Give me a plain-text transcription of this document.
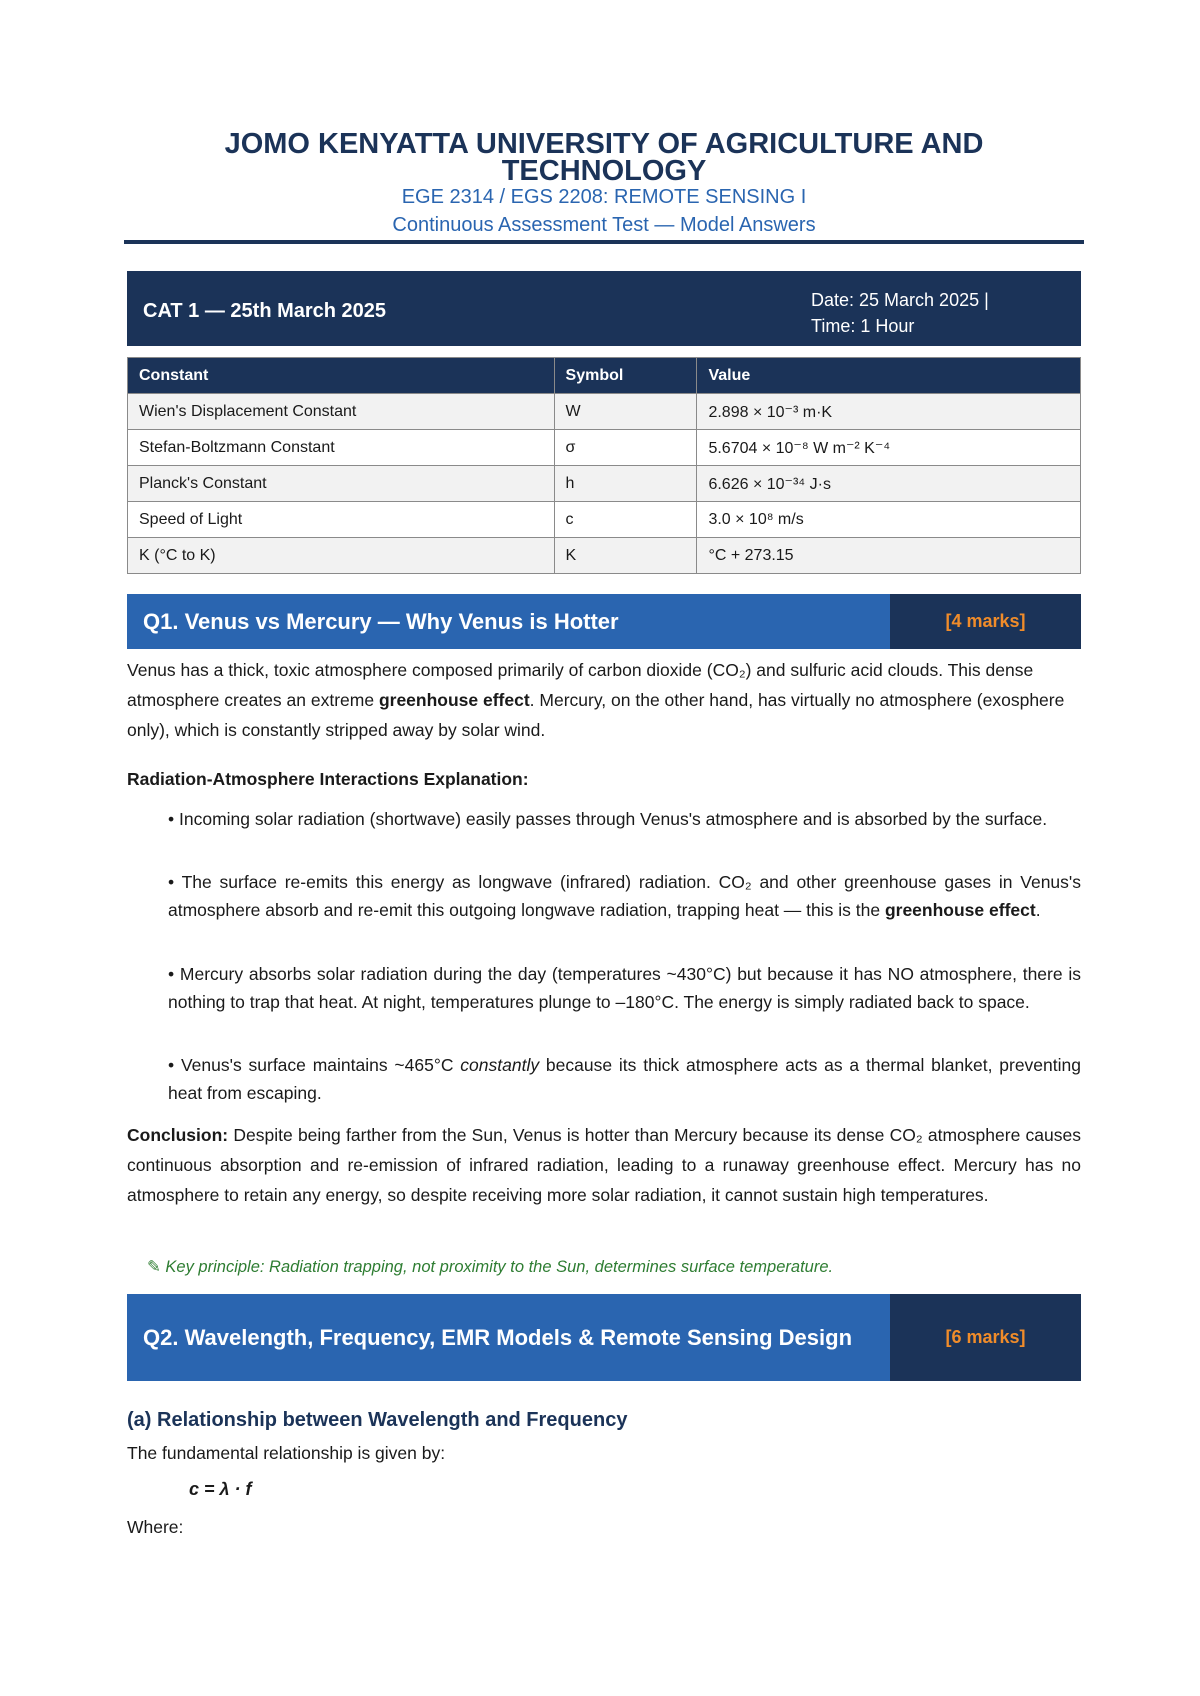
JOMO KENYATTA UNIVERSITY OF AGRICULTURE AND TECHNOLOGY
EGE 2314 / EGS 2208: REMOTE SENSING I
Continuous Assessment Test — Model Answers
CAT 1 — 25th March 2025	Date: 25 March 2025 |
Time: 1 Hour
Constant	Symbol	Value
Wien's Displacement Constant	W	2.898 × 10⁻³ m·K
Stefan-Boltzmann Constant	σ	5.6704 × 10⁻⁸ W m⁻² K⁻⁴
Planck's Constant	h	6.626 × 10⁻³⁴ J·s
Speed of Light	c	3.0 × 10⁸ m/s
K (°C to K)	K	°C + 273.15
Q1. Venus vs Mercury — Why Venus is Hotter	[4 marks]
Venus has a thick, toxic atmosphere composed primarily of carbon dioxide (CO₂) and sulfuric acid clouds. This dense atmosphere creates an extreme greenhouse effect. Mercury, on the other hand, has virtually no atmosphere (exosphere only), which is constantly stripped away by solar wind.
Radiation-Atmosphere Interactions Explanation:
• Incoming solar radiation (shortwave) easily passes through Venus's atmosphere and is absorbed by the surface.
• The surface re-emits this energy as longwave (infrared) radiation. CO₂ and other greenhouse gases in Venus's atmosphere absorb and re-emit this outgoing longwave radiation, trapping heat — this is the greenhouse effect.
• Mercury absorbs solar radiation during the day (temperatures ~430°C) but because it has NO atmosphere, there is nothing to trap that heat. At night, temperatures plunge to –180°C. The energy is simply radiated back to space.
• Venus's surface maintains ~465°C constantly because its thick atmosphere acts as a thermal blanket, preventing heat from escaping.
Conclusion: Despite being farther from the Sun, Venus is hotter than Mercury because its dense CO₂ atmosphere causes continuous absorption and re-emission of infrared radiation, leading to a runaway greenhouse effect. Mercury has no atmosphere to retain any energy, so despite receiving more solar radiation, it cannot sustain high temperatures.
✎ Key principle: Radiation trapping, not proximity to the Sun, determines surface temperature.
Q2. Wavelength, Frequency, EMR Models & Remote Sensing Design	[6 marks]
(a) Relationship between Wavelength and Frequency
The fundamental relationship is given by:
c = λ · f
Where:
